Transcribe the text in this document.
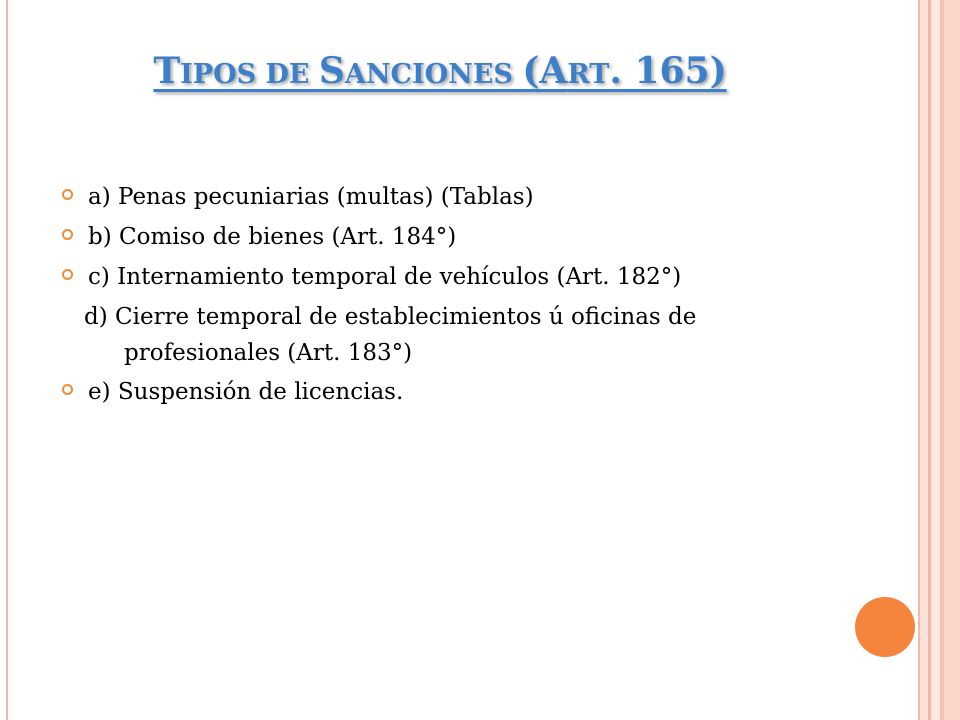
TIPOS DE SANCIONES (ART. 165)
a) Penas pecuniarias (multas) (Tablas)
b) Comiso de bienes (Art. 184°)
c) Internamiento temporal de vehículos (Art. 182°)
d) Cierre temporal de establecimientos ú oficinas de profesionales (Art. 183°)
e) Suspensión de licencias.
